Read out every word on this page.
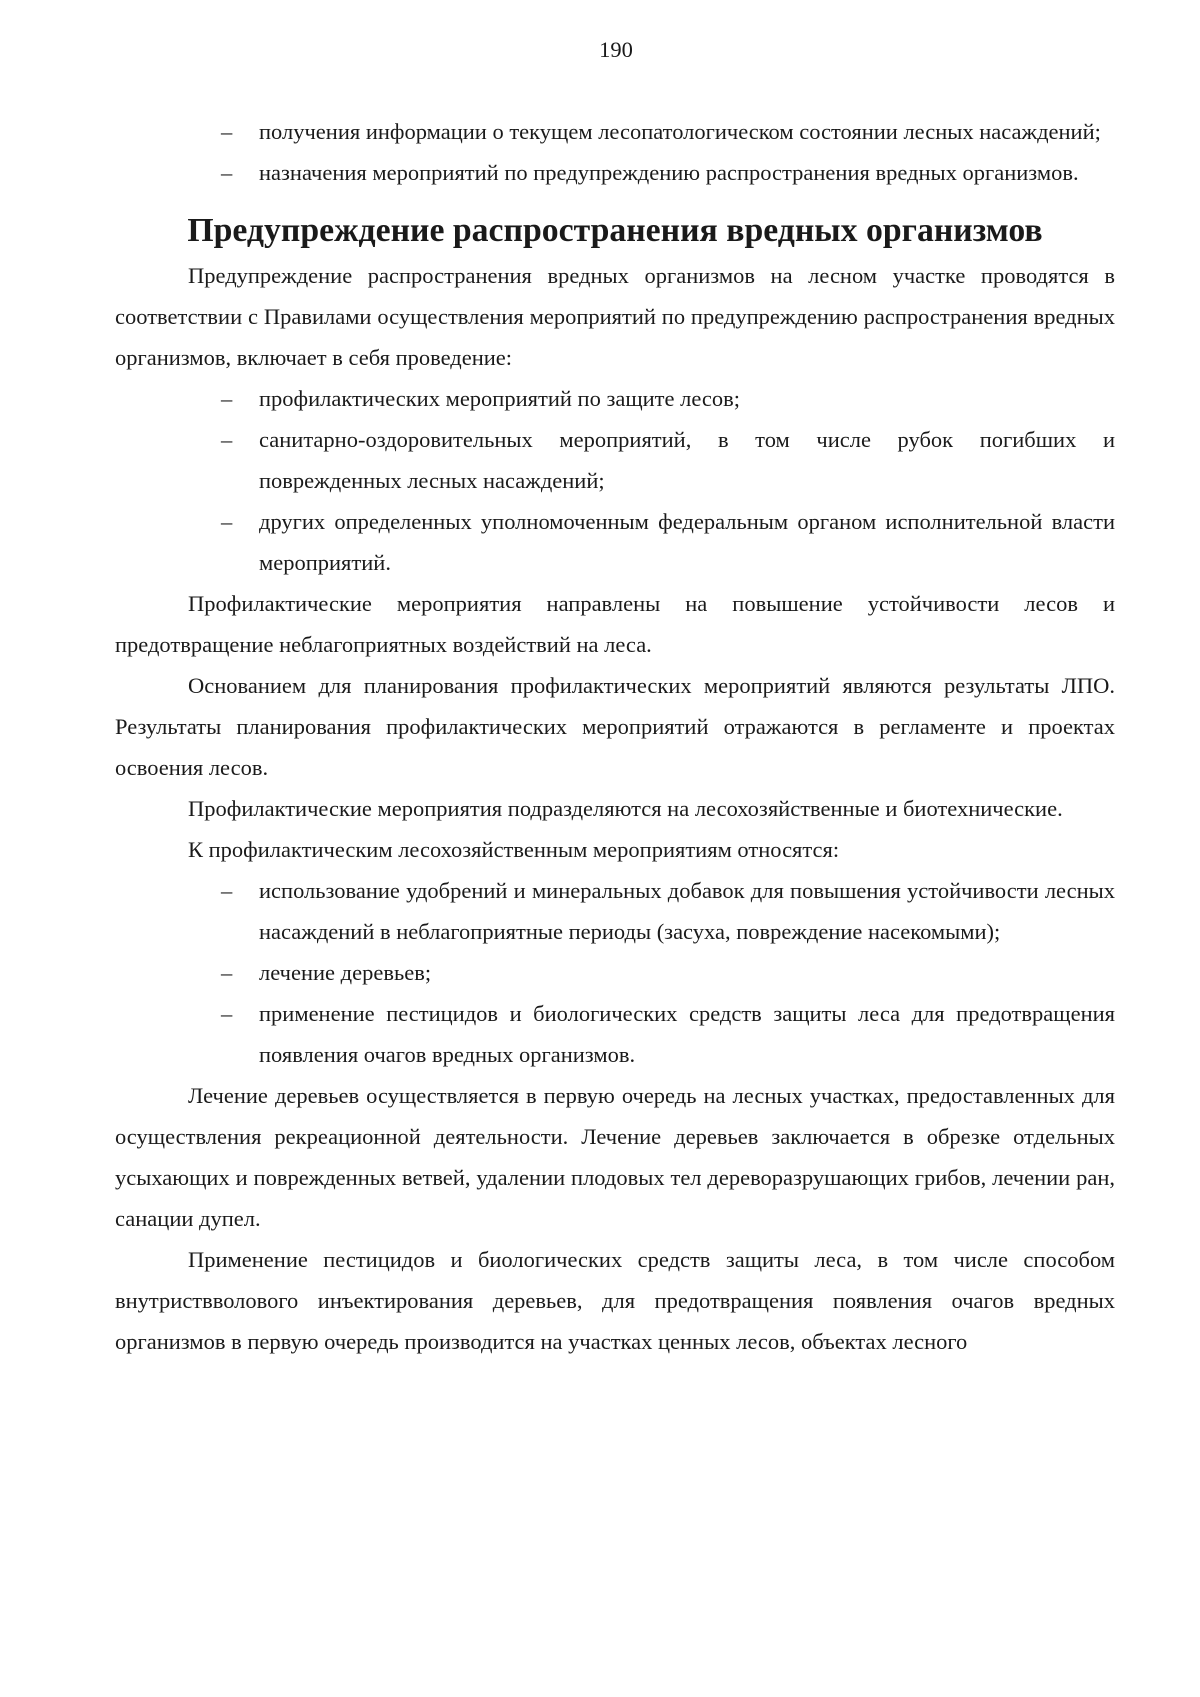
190

– получения информации о текущем лесопатологическом состоянии лесных насаждений;
– назначения мероприятий по предупреждению распространения вредных организмов.
Предупреждение распространения вредных организмов

Предупреждение распространения вредных организмов на лесном участке проводятся в соответствии с Правилами осуществления мероприятий по предупреждению распространения вредных организмов, включает в себя проведение:

– профилактических мероприятий по защите лесов;
– санитарно-оздоровительных мероприятий, в том числе рубок погибших и поврежденных лесных насаждений;
– других определенных уполномоченным федеральным органом исполнительной власти мероприятий.

Профилактические мероприятия направлены на повышение устойчивости лесов и предотвращение неблагоприятных воздействий на леса.

Основанием для планирования профилактических мероприятий являются результаты ЛПО. Результаты планирования профилактических мероприятий отражаются в регламенте и проектах освоения лесов.

Профилактические мероприятия подразделяются на лесохозяйственные и биотехнические.

К профилактическим лесохозяйственным мероприятиям относятся:

– использование удобрений и минеральных добавок для повышения устойчивости лесных насаждений в неблагоприятные периоды (засуха, повреждение насекомыми);
– лечение деревьев;
– применение пестицидов и биологических средств защиты леса для предотвращения появления очагов вредных организмов.

Лечение деревьев осуществляется в первую очередь на лесных участках, предоставленных для осуществления рекреационной деятельности. Лечение деревьев заключается в обрезке отдельных усыхающих и поврежденных ветвей, удалении плодовых тел дереворазрушающих грибов, лечении ран, санации дупел.

Применение пестицидов и биологических средств защиты леса, в том числе способом внутриствволового инъектирования деревьев, для предотвращения появления очагов вредных организмов в первую очередь производится на участках ценных лесов, объектах лесного
